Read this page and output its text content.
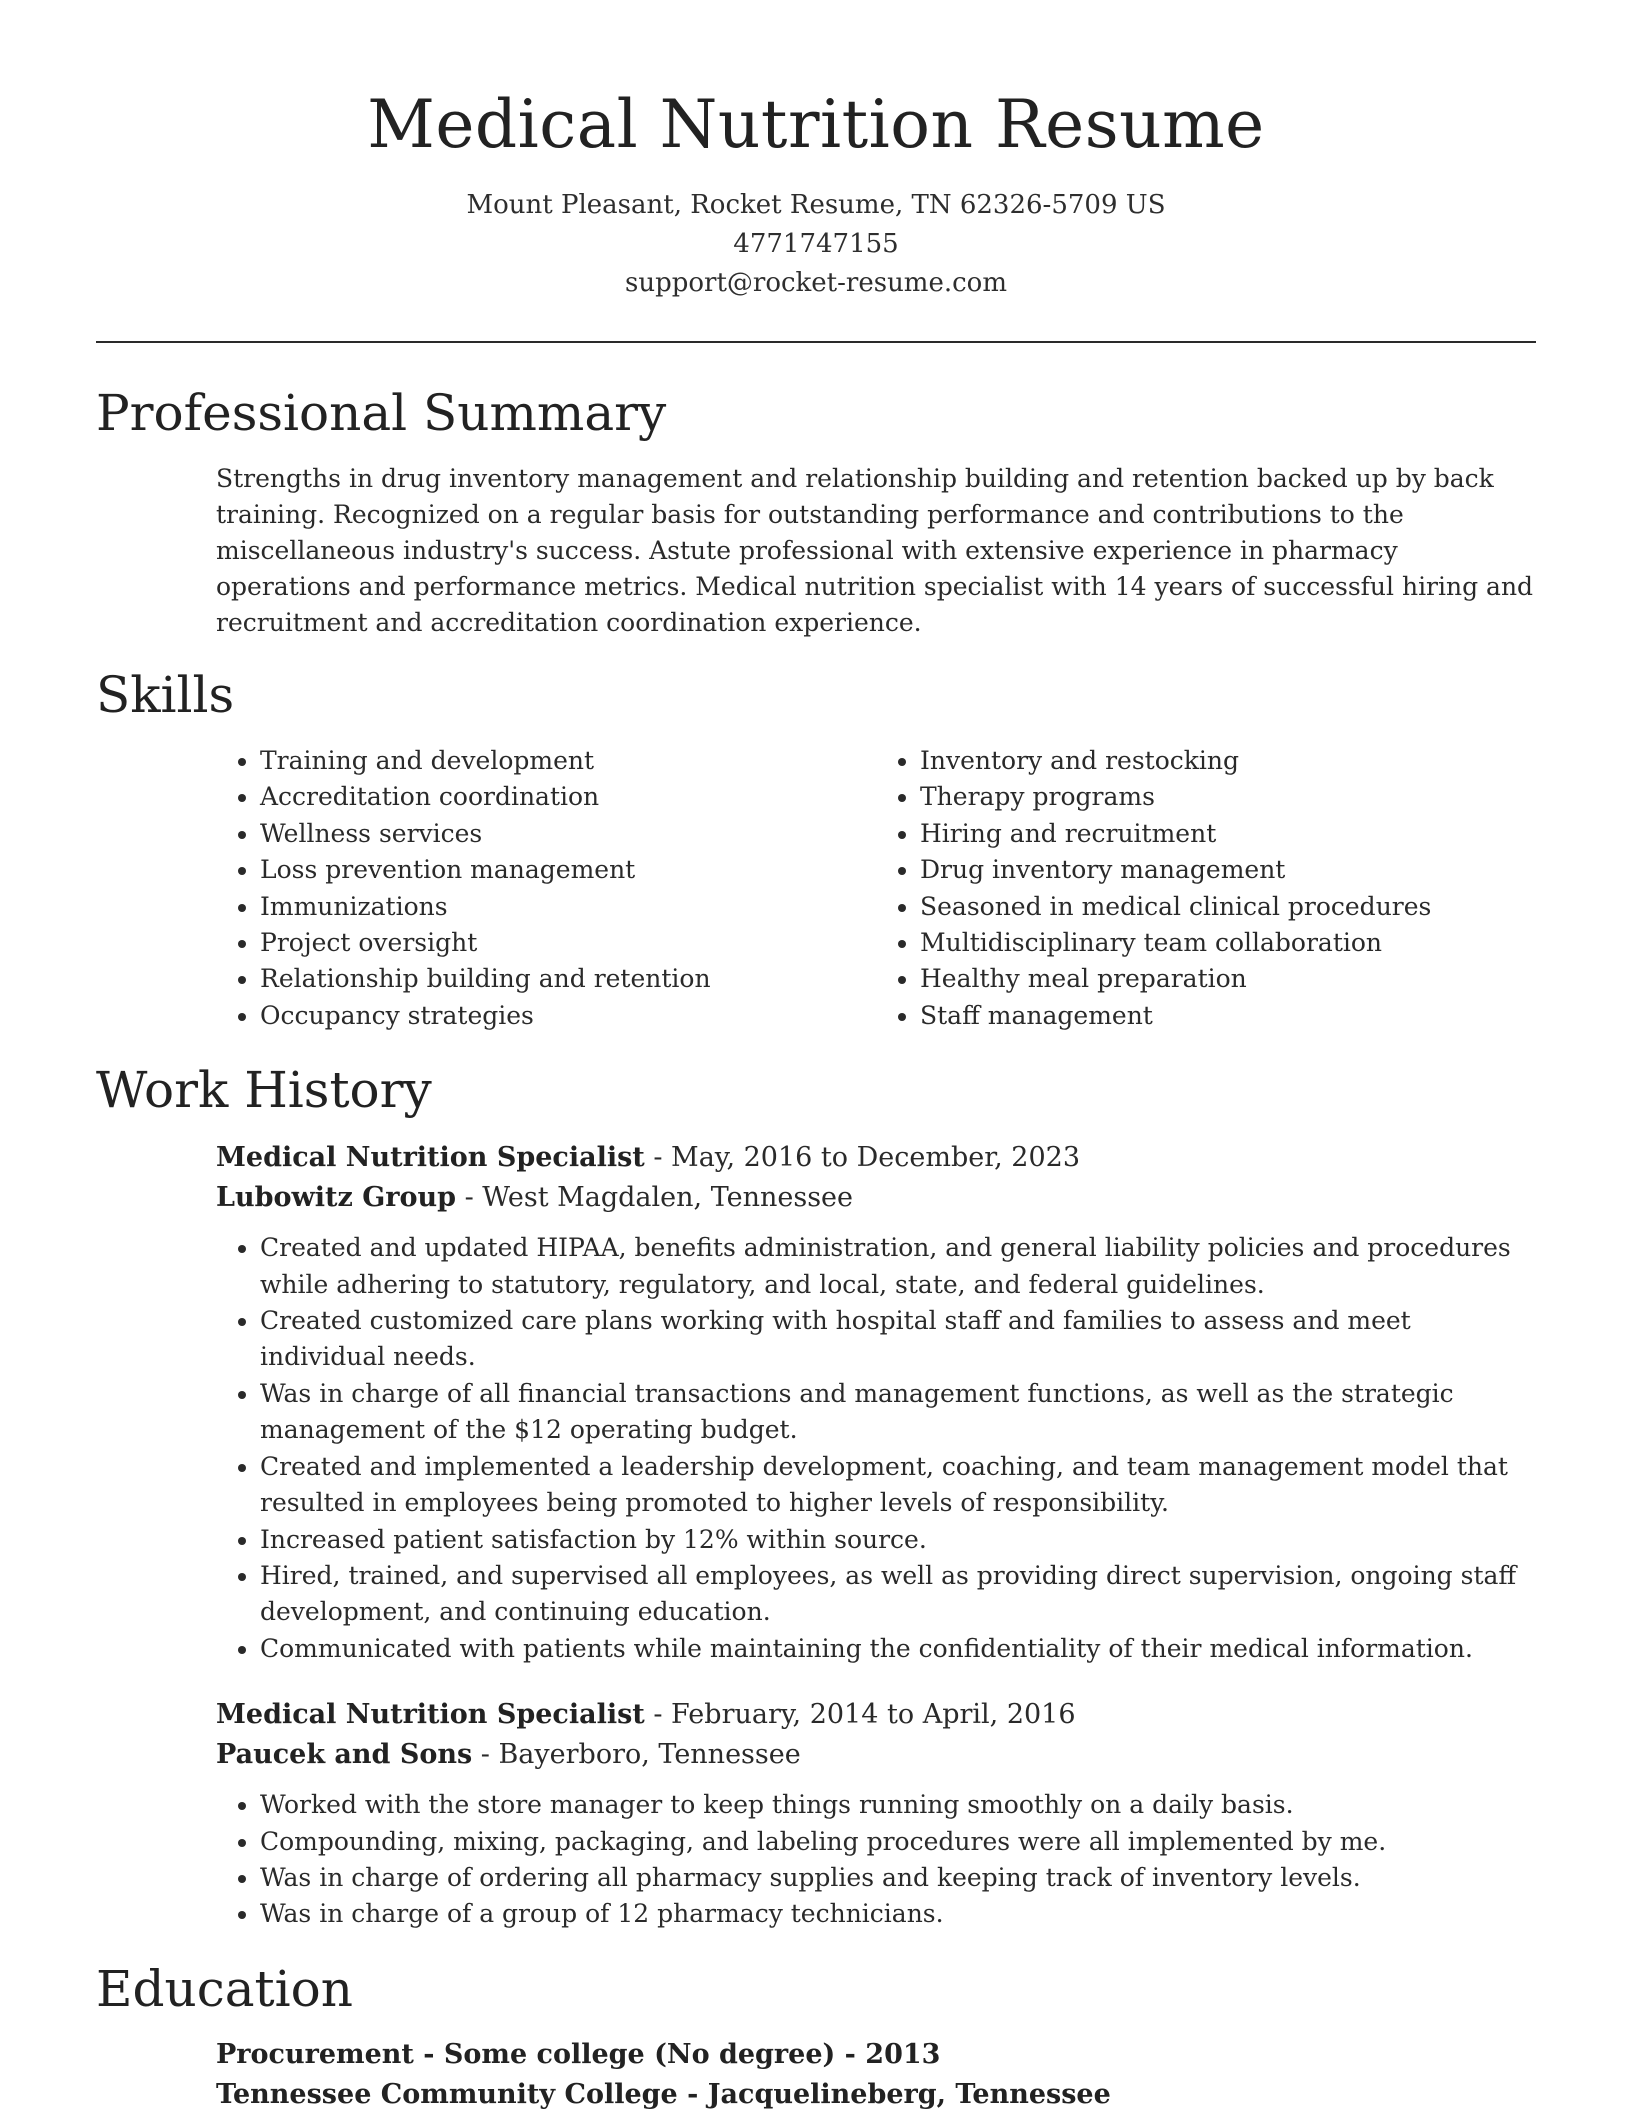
Medical Nutrition Resume
Mount Pleasant, Rocket Resume, TN 62326-5709 US
4771747155
support@rocket-resume.com
Professional Summary
Strengths in drug inventory management and relationship building and retention backed up by back training. Recognized on a regular basis for outstanding performance and contributions to the miscellaneous industry's success. Astute professional with extensive experience in pharmacy operations and performance metrics. Medical nutrition specialist with 14 years of successful hiring and recruitment and accreditation coordination experience.
Skills
• Training and development
• Accreditation coordination
• Wellness services
• Loss prevention management
• Immunizations
• Project oversight
• Relationship building and retention
• Occupancy strategies
• Inventory and restocking
• Therapy programs
• Hiring and recruitment
• Drug inventory management
• Seasoned in medical clinical procedures
• Multidisciplinary team collaboration
• Healthy meal preparation
• Staff management
Work History
Medical Nutrition Specialist - May, 2016 to December, 2023
Lubowitz Group - West Magdalen, Tennessee
• Created and updated HIPAA, benefits administration, and general liability policies and procedures while adhering to statutory, regulatory, and local, state, and federal guidelines.
• Created customized care plans working with hospital staff and families to assess and meet individual needs.
• Was in charge of all financial transactions and management functions, as well as the strategic management of the $12 operating budget.
• Created and implemented a leadership development, coaching, and team management model that resulted in employees being promoted to higher levels of responsibility.
• Increased patient satisfaction by 12% within source.
• Hired, trained, and supervised all employees, as well as providing direct supervision, ongoing staff development, and continuing education.
• Communicated with patients while maintaining the confidentiality of their medical information.
Medical Nutrition Specialist - February, 2014 to April, 2016
Paucek and Sons - Bayerboro, Tennessee
• Worked with the store manager to keep things running smoothly on a daily basis.
• Compounding, mixing, packaging, and labeling procedures were all implemented by me.
• Was in charge of ordering all pharmacy supplies and keeping track of inventory levels.
• Was in charge of a group of 12 pharmacy technicians.
Education
Procurement - Some college (No degree) - 2013
Tennessee Community College - Jacquelineberg, Tennessee
